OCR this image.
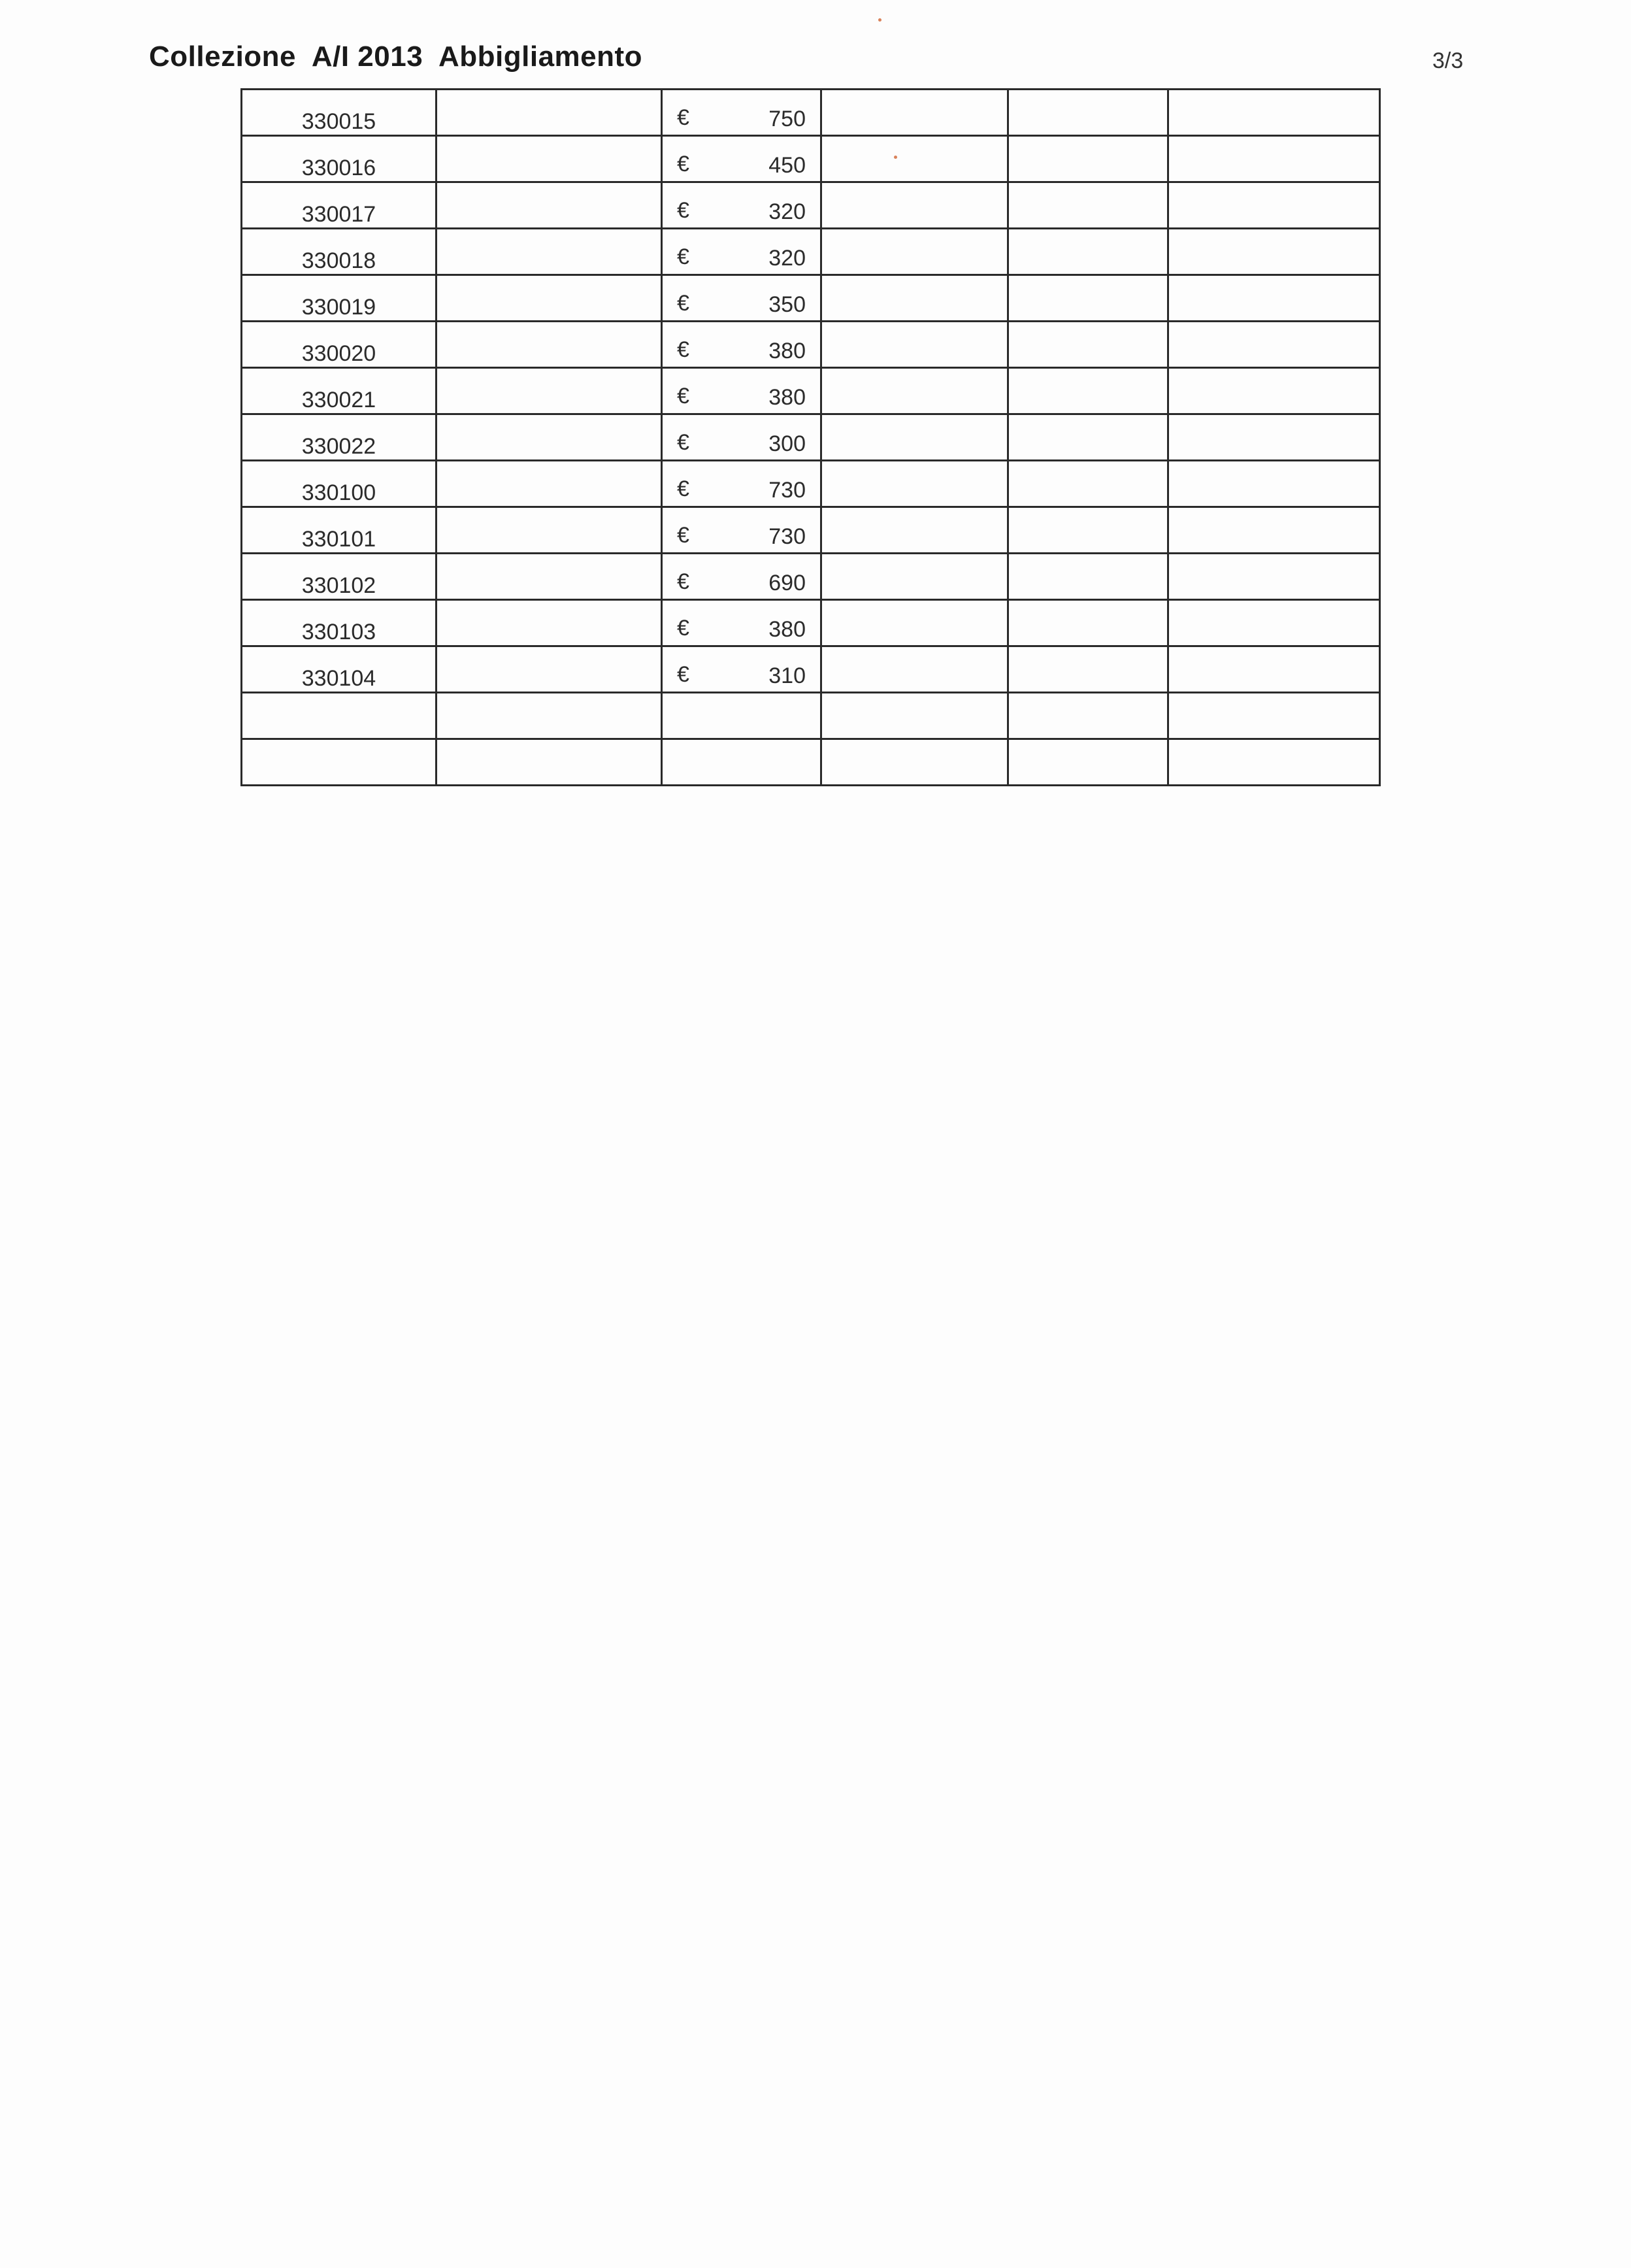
Collezione  A/I 2013  Abbigliamento	3/3
330015		€ 750			

330016		€ 450			

330017		€ 320			

330018		€ 320			

330019		€ 350			

330020		€ 380			

330021		€ 380			

330022		€ 300			

330100		€ 730			

330101		€ 730			

330102		€ 690			

330103		€ 380			

330104		€ 310			
